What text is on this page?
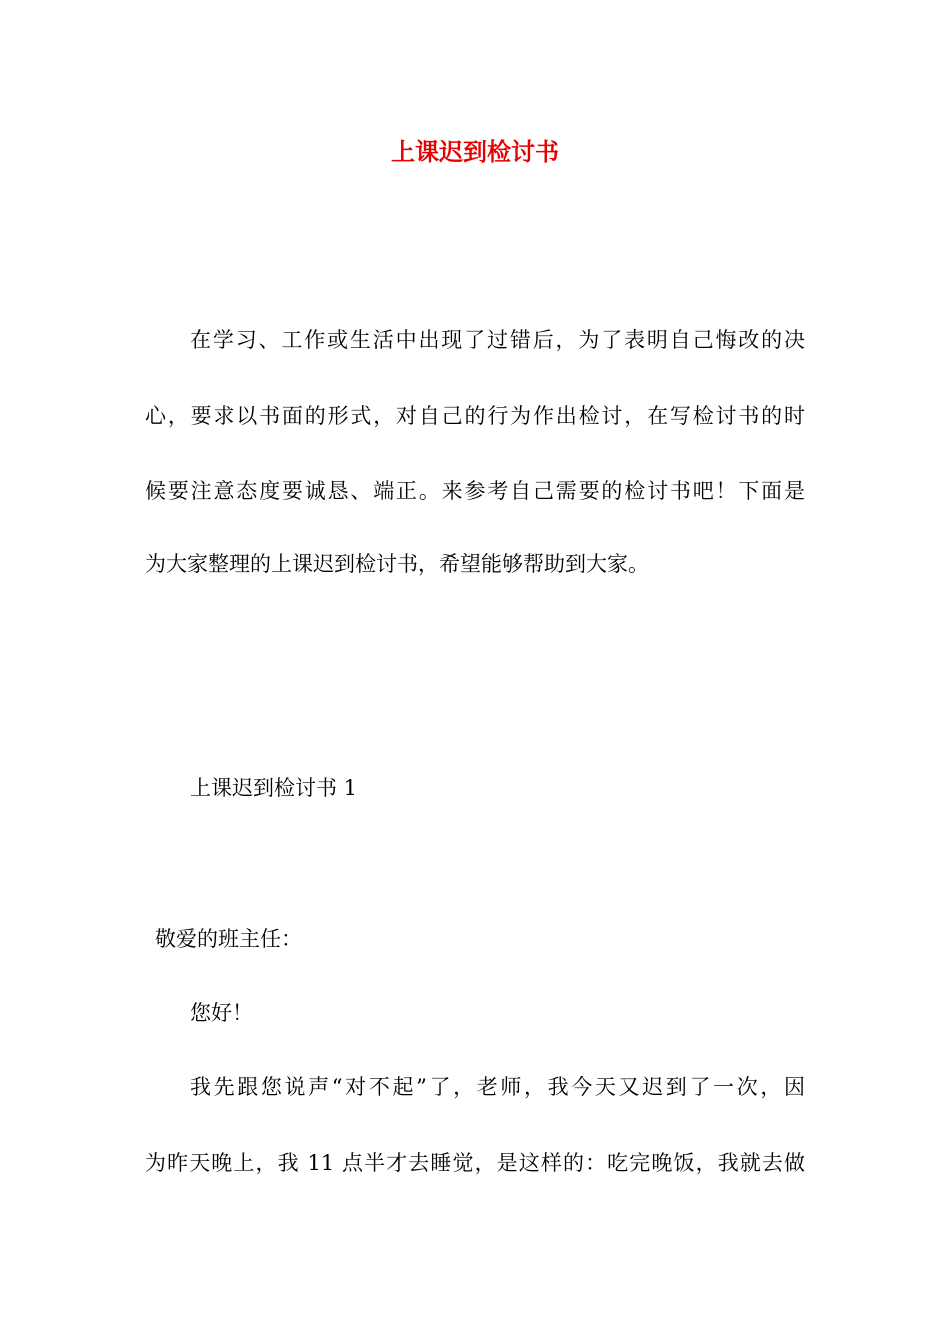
上课迟到检讨书
在学习、工作或生活中出现了过错后，为了表明自己悔改的决
心，要求以书面的形式，对自己的行为作出检讨，在写检讨书的时
候要注意态度要诚恳、端正。来参考自己需要的检讨书吧！下面是
为大家整理的上课迟到检讨书，希望能够帮助到大家。
上课迟到检讨书 1
敬爱的班主任：
您好！
我先跟您说声“对不起”了，老师，我今天又迟到了一次，因
为昨天晚上，我 11 点半才去睡觉，是这样的：吃完晚饭，我就去做
